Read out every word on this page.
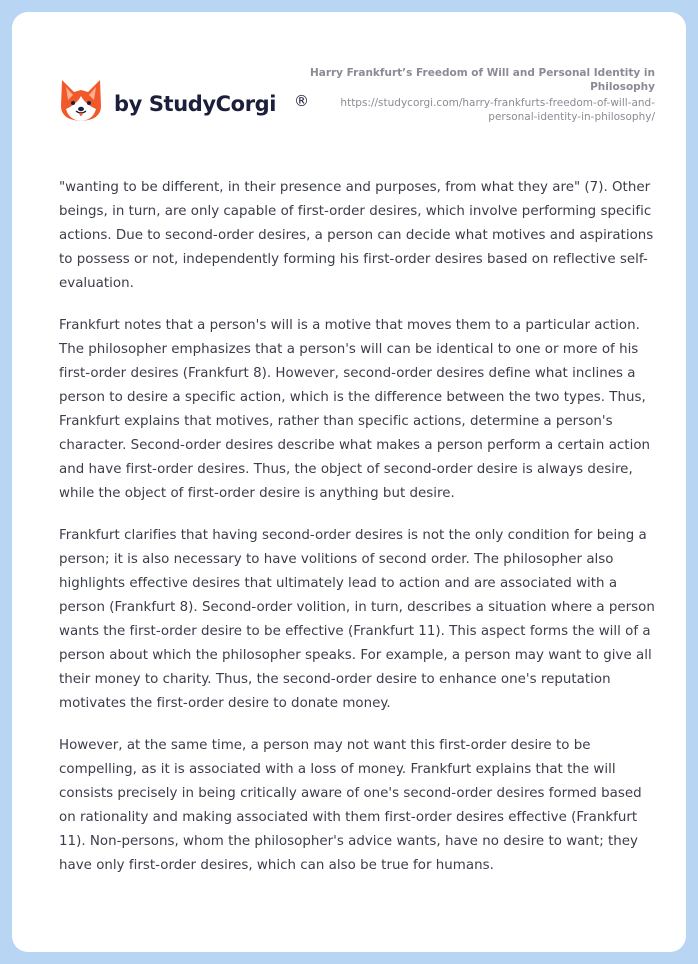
by StudyCorgi ®

Harry Frankfurt’s Freedom of Will and Personal Identity in Philosophy

https://studycorgi.com/harry-frankfurts-freedom-of-will-and-personal-identity-in-philosophy/

"wanting to be different, in their presence and purposes, from what they are" (7). Other beings, in turn, are only capable of first-order desires, which involve performing specific actions. Due to second-order desires, a person can decide what motives and aspirations to possess or not, independently forming his first-order desires based on reflective self-evaluation.

Frankfurt notes that a person's will is a motive that moves them to a particular action. The philosopher emphasizes that a person's will can be identical to one or more of his first-order desires (Frankfurt 8). However, second-order desires define what inclines a person to desire a specific action, which is the difference between the two types. Thus, Frankfurt explains that motives, rather than specific actions, determine a person's character. Second-order desires describe what makes a person perform a certain action and have first-order desires. Thus, the object of second-order desire is always desire, while the object of first-order desire is anything but desire.

Frankfurt clarifies that having second-order desires is not the only condition for being a person; it is also necessary to have volitions of second order. The philosopher also highlights effective desires that ultimately lead to action and are associated with a person (Frankfurt 8). Second-order volition, in turn, describes a situation where a person wants the first-order desire to be effective (Frankfurt 11). This aspect forms the will of a person about which the philosopher speaks. For example, a person may want to give all their money to charity. Thus, the second-order desire to enhance one's reputation motivates the first-order desire to donate money.

However, at the same time, a person may not want this first-order desire to be compelling, as it is associated with a loss of money. Frankfurt explains that the will consists precisely in being critically aware of one's second-order desires formed based on rationality and making associated with them first-order desires effective (Frankfurt 11). Non-persons, whom the philosopher's advice wants, have no desire to want; they have only first-order desires, which can also be true for humans.
